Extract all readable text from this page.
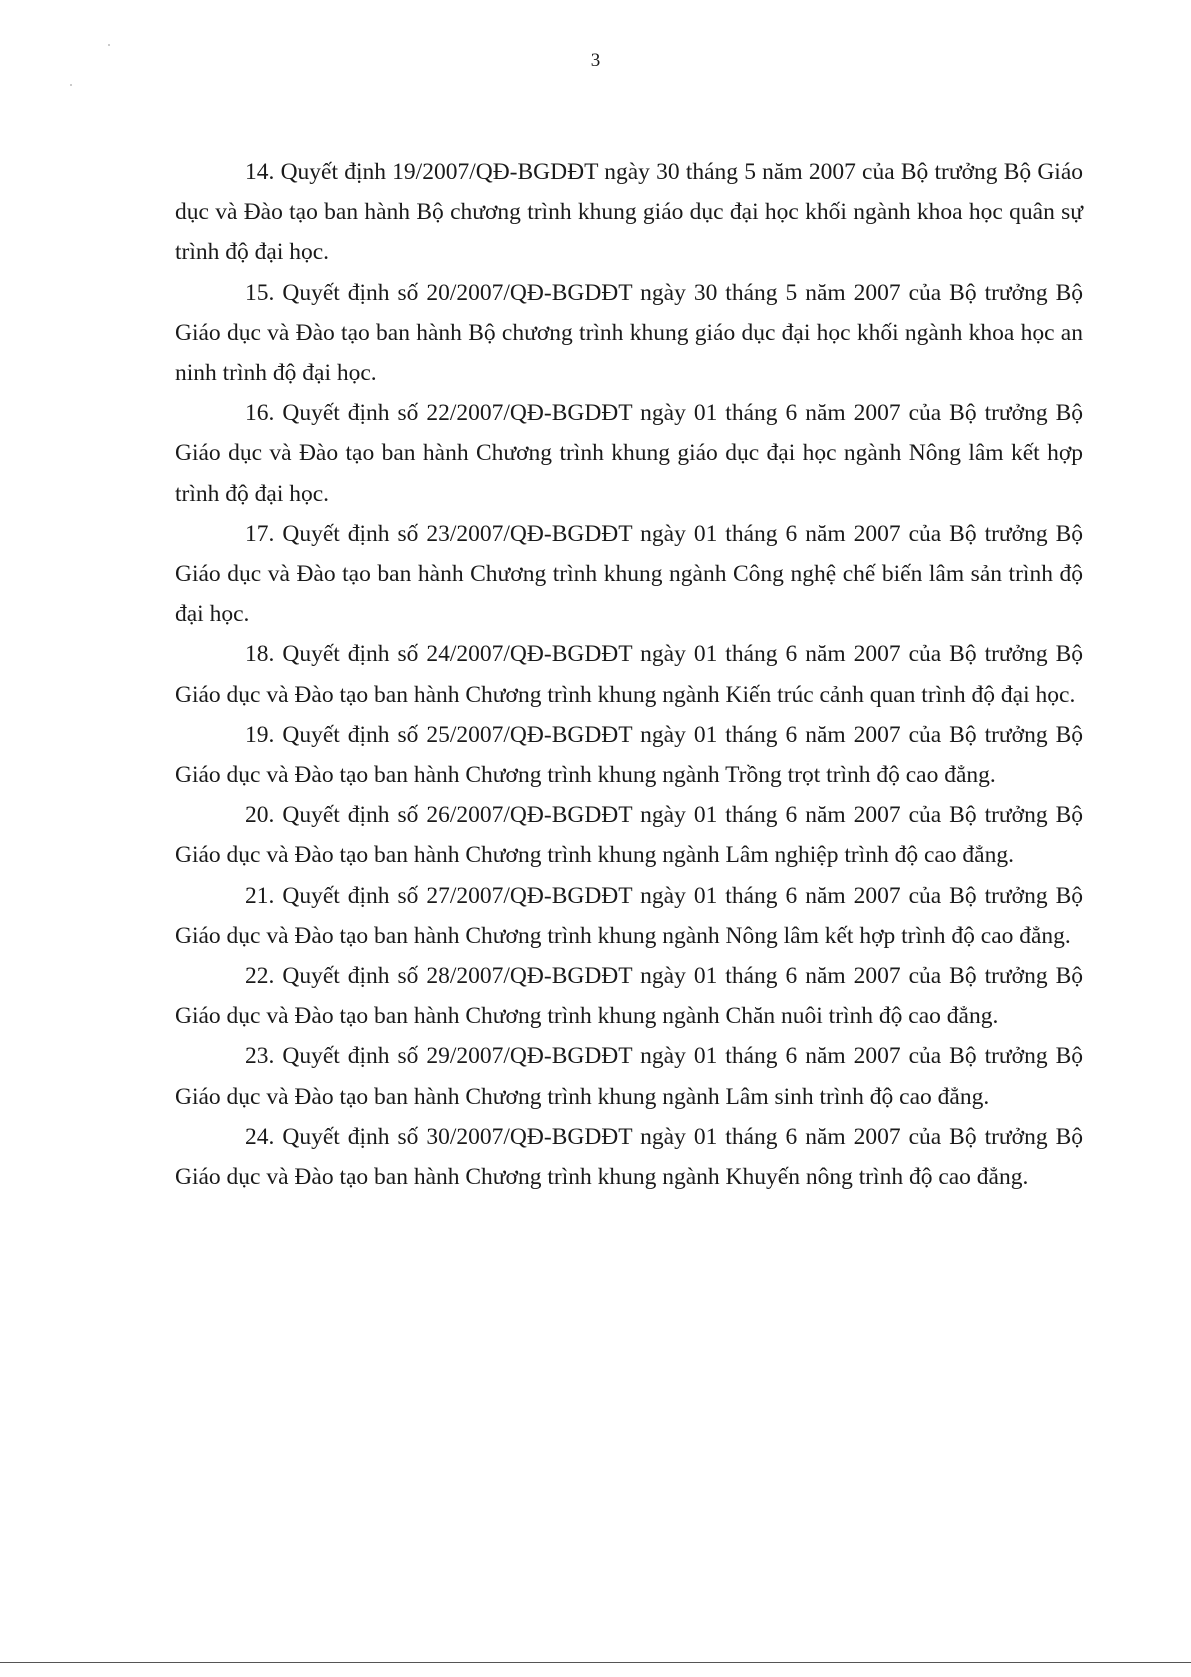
3

14. Quyết định 19/2007/QĐ-BGDĐT ngày 30 tháng 5 năm 2007 của Bộ trưởng Bộ Giáo dục và Đào tạo ban hành Bộ chương trình khung giáo dục đại học khối ngành khoa học quân sự trình độ đại học.

15. Quyết định số 20/2007/QĐ-BGDĐT ngày 30 tháng 5 năm 2007 của Bộ trưởng Bộ Giáo dục và Đào tạo ban hành Bộ chương trình khung giáo dục đại học khối ngành khoa học an ninh trình độ đại học.

16. Quyết định số 22/2007/QĐ-BGDĐT ngày 01 tháng 6 năm 2007 của Bộ trưởng Bộ Giáo dục và Đào tạo ban hành Chương trình khung giáo dục đại học ngành Nông lâm kết hợp trình độ đại học.

17. Quyết định số 23/2007/QĐ-BGDĐT ngày 01 tháng 6 năm 2007 của Bộ trưởng Bộ Giáo dục và Đào tạo ban hành Chương trình khung ngành Công nghệ chế biến lâm sản trình độ đại học.

18. Quyết định số 24/2007/QĐ-BGDĐT ngày 01 tháng 6 năm 2007 của Bộ trưởng Bộ Giáo dục và Đào tạo ban hành Chương trình khung ngành Kiến trúc cảnh quan trình độ đại học.

19. Quyết định số 25/2007/QĐ-BGDĐT ngày 01 tháng 6 năm 2007 của Bộ trưởng Bộ Giáo dục và Đào tạo ban hành Chương trình khung ngành Trồng trọt trình độ cao đẳng.

20. Quyết định số 26/2007/QĐ-BGDĐT ngày 01 tháng 6 năm 2007 của Bộ trưởng Bộ Giáo dục và Đào tạo ban hành Chương trình khung ngành Lâm nghiệp trình độ cao đẳng.

21. Quyết định số 27/2007/QĐ-BGDĐT ngày 01 tháng 6 năm 2007 của Bộ trưởng Bộ Giáo dục và Đào tạo ban hành Chương trình khung ngành Nông lâm kết hợp trình độ cao đẳng.

22. Quyết định số 28/2007/QĐ-BGDĐT ngày 01 tháng 6 năm 2007 của Bộ trưởng Bộ Giáo dục và Đào tạo ban hành Chương trình khung ngành Chăn nuôi trình độ cao đẳng.

23. Quyết định số 29/2007/QĐ-BGDĐT ngày 01 tháng 6 năm 2007 của Bộ trưởng Bộ Giáo dục và Đào tạo ban hành Chương trình khung ngành Lâm sinh trình độ cao đẳng.

24. Quyết định số 30/2007/QĐ-BGDĐT ngày 01 tháng 6 năm 2007 của Bộ trưởng Bộ Giáo dục và Đào tạo ban hành Chương trình khung ngành Khuyến nông trình độ cao đẳng.
